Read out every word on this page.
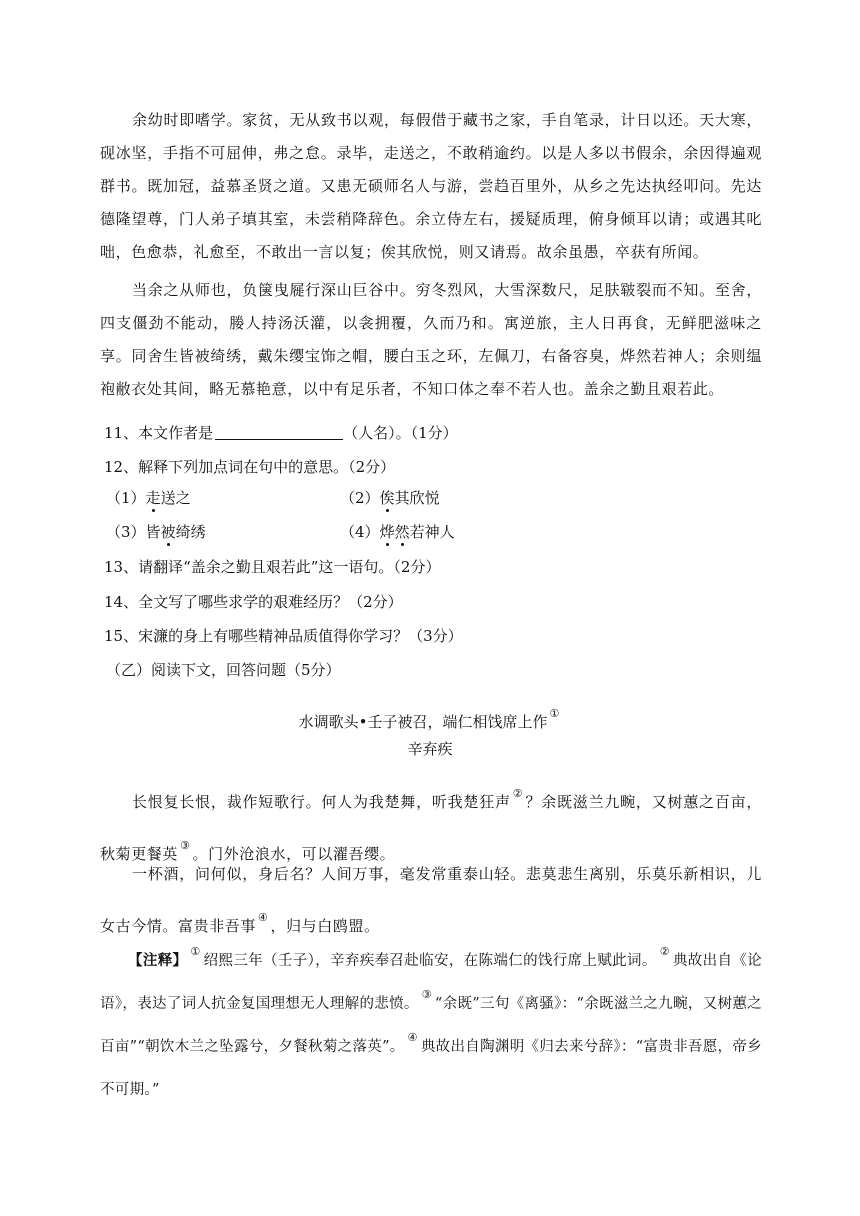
余幼时即嗜学。家贫，无从致书以观，每假借于藏书之家，手自笔录，计日以还。天大寒，砚冰坚，手指不可屈伸，弗之怠。录毕，走送之，不敢稍逾约。以是人多以书假余，余因得遍观群书。既加冠，益慕圣贤之道。又患无硕师名人与游，尝趋百里外，从乡之先达执经叩问。先达德隆望尊，门人弟子填其室，未尝稍降辞色。余立侍左右，援疑质理，俯身倾耳以请；或遇其叱咄，色愈恭，礼愈至，不敢出一言以复；俟其欣悦，则又请焉。故余虽愚，卒获有所闻。

当余之从师也，负箧曳屣行深山巨谷中。穷冬烈风，大雪深数尺，足肤皲裂而不知。至舍，四支僵劲不能动，媵人持汤沃灌，以衾拥覆，久而乃和。寓逆旅，主人日再食，无鲜肥滋味之享。同舍生皆被绮绣，戴朱缨宝饰之帽，腰白玉之环，左佩刀，右备容臭，烨然若神人；余则缊袍敝衣处其间，略无慕艳意，以中有足乐者，不知口体之奉不若人也。盖余之勤且艰若此。

11、本文作者是	（人名）。（1分）

12、解释下列加点词在句中的意思。（2分）

（1）走送之	（2）俟其欣悦

（3）皆被绮绣	（4）烨然若神人

13、请翻译“盖余之勤且艰若此”这一语句。（2分）

14、全文写了哪些求学的艰难经历？（2分）

15、宋濂的身上有哪些精神品质值得你学习？（3分）

（乙）阅读下文，回答问题（5分）

水调歌头•壬子被召，端仁相饯席上作 ①

辛弃疾

长恨复长恨，裁作短歌行。何人为我楚舞，听我楚狂声 ② ？余既滋兰九畹，又树蕙之百亩，秋菊更餐英 ③ 。门外沧浪水，可以濯吾缨。

一杯酒，问何似，身后名？人间万事，毫发常重泰山轻。悲莫悲生离别，乐莫乐新相识，儿女古今情。富贵非吾事 ④ ，归与白鸥盟。

【注释】①绍熙三年（壬子），辛弃疾奉召赴临安，在陈端仁的饯行席上赋此词。②典故出自《论语》，表达了词人抗金复国理想无人理解的悲愤。③“余既”三句《离骚》：“余既滋兰之九畹，又树蕙之百亩”“朝饮木兰之坠露兮，夕餐秋菊之落英”。④典故出自陶渊明《归去来兮辞》：“富贵非吾愿，帝乡不可期。”
